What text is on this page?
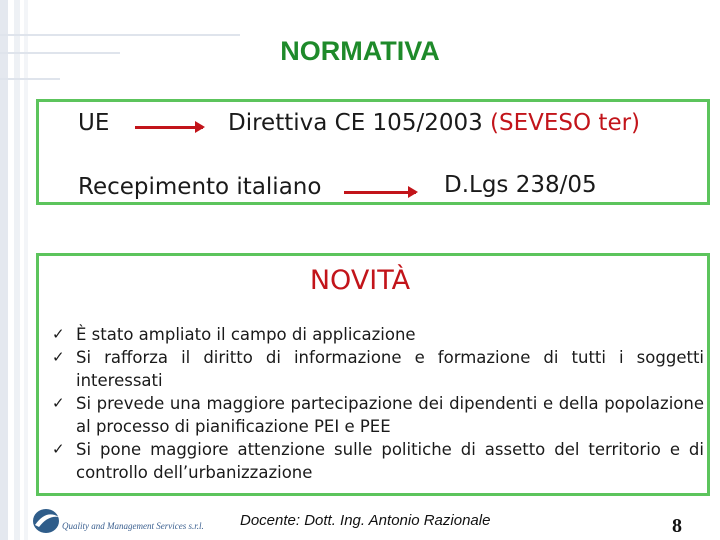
NORMATIVA
UE	Direttiva CE 105/2003 (SEVESO ter)
Recepimento italiano	D.Lgs 238/05
NOVITÀ
✓ È stato ampliato il campo di applicazione
✓ Si rafforza il diritto di informazione e formazione di tutti i soggetti interessati
✓ Si prevede una maggiore partecipazione dei dipendenti e della popolazione al processo di pianificazione PEI e PEE
✓ Si pone maggiore attenzione sulle politiche di assetto del territorio e di controllo dell’urbanizzazione
Quality and Management Services s.r.l. Docente: Dott. Ing. Antonio Razionale	8
